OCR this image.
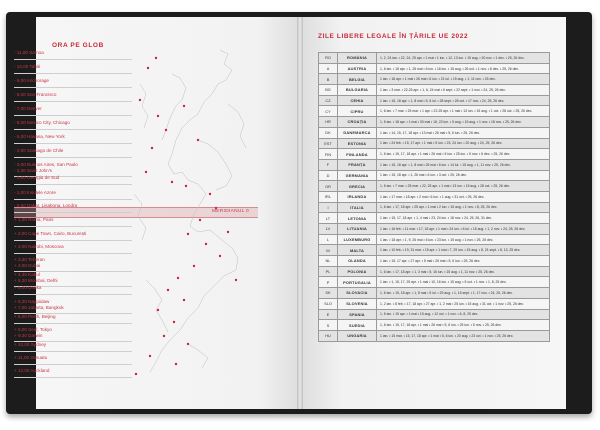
ORA PE GLOB
ZILE LIBERE LEGALE ÎN ȚĂRILE UE 2022
MERIDIANUL 0
- 11,00 Samoa
- 10,00 Tahiti
- 9,00 Anchorage
- 8,00 San Francisco
- 7,00 Denver
- 6,00 Mexico City, Chicago
- 5,00 Havana, New York
- 4,00 Santiago de Chile
- 3,00 Buenos Aires, San Paulo
- 3,30 Saint John's
- 2,00 Georgia de Sud
- 1,00 Insulele Azore
- 0,00 Dakar, Lisabona, Londra
+ 1,00 Roma, Paris
+ 2,00 Cape Town, Cairo, București
+ 3,00 Nairobi, Moscova
+ 3,30 Teheran
+ 4,00 Dubai
+ 4,30 Kabul
+ 5,30 Mombai, Delhi
+ 6,00 Dhaka
+ 6,30 Naypiidaw
+ 7,00 Jakarta, Bangkok
+ 8,00 Perth, Beijing
+ 9,00 Seul, Tokyo
+ 9,30 Darwin
+ 10,00 Sydney
+ 11,00 Vanuatu
+ 12,00 Auckland
RO	ROMÂNIA	1, 2, 24 ian. • 22, 24, 25 apr. • 1 mai • 1 iun. • 12, 13 iun. • 15 aug. • 30 nov. • 1 dec. • 25, 26 dec.
A	AUSTRIA	1, 6 ian. • 18 apr. • 1, 26 mai • 6 iun. • 16 iun. • 15 aug. • 26 oct. • 1 nov. • 8 dec. • 25, 26 dec.
B	BELGIA	1 ian. • 18 apr. • 1 mai • 26 mai • 6 iun. • 21 iul. • 15 aug. • 1, 11 nov. • 25 dec.
BG	BULGARIA	1 ian. • 3 mar. • 22-25 apr. • 1, 6, 24 mai • 6 sept. • 22 sept. • 1 nov. • 24, 25, 26 dec.
CZ	CEHIA	1 ian. • 15, 18 apr. • 1, 8 mai • 5, 6 iul. • 28 sept. • 28 oct. • 17 nov. • 24, 25, 26 dec.
CY	CIPRU	1, 6 ian. • 7 mar. • 25 mar. • 1 apr. • 22-25 apr. • 1 mai • 13 iun. • 15 aug. • 1 oct. • 28 oct. • 25, 26 dec.
HR	CROAȚIA	1, 6 ian. • 18 apr. • 1 mai • 30 mai • 16, 22 iun. • 5 aug. • 15 aug. • 1 nov. • 18 nov. • 25, 26 dec.
DK	DANEMARCA	1 ian. • 14, 15, 17, 18 apr. • 13 mai • 26 mai • 5, 6 iun. • 25, 26 dec.
EST	ESTONIA	1 ian. • 24 feb. • 15, 17 apr. • 1 mai • 5 iun. • 23, 24 iun. • 20 aug. • 24, 25, 26 dec.
FIN	FINLANDA	1, 6 ian. • 15, 17, 18 apr. • 1 mai • 26 mai • 5 iun. • 25 iun. • 5 nov. • 6 dec. • 25, 26 dec.
F	FRANȚA	1 ian. • 15, 18 apr. • 1, 8 mai • 26 mai • 6 iun. • 14 iul. • 15 aug. • 1, 11 nov. • 25, 26 dec.
D	GERMANIA	1 ian. • 15, 18 apr. • 1, 26 mai • 6 iun. • 3 oct. • 25, 26 dec.
GR	GRECIA	1, 6 ian. • 7 mar. • 25 mar. • 22, 25 apr. • 1 mai • 13 iun. • 15 aug. • 28 oct. • 25, 26 dec.
IRL	IRLANDA	1 ian. • 17 mar. • 18 apr. • 2 mai • 6 iun. • 1 aug. • 31 oct. • 25, 26 dec.
I	ITALIA	1, 6 ian. • 17, 18 apr. • 25 apr. • 1 mai • 2 iun. • 15 aug. • 1 nov. • 8, 25, 26 dec.
LT	LETONIA	1 ian. • 15, 17, 18 apr. • 1, 4 mai • 23, 24 iun. • 18 nov. • 24, 25, 26, 31 dec.
LV	LITUANIA	1 ian. • 16 feb. • 11 mar. • 17, 18 apr. • 1 mai • 24 iun. • 6 iul. • 15 aug. • 1, 2 nov. • 24, 25, 26 dec.
L	LUXEMBURG	1 ian. • 18 apr. • 1, 9, 26 mai • 6 iun. • 23 iun. • 15 aug. • 1 nov. • 25, 26 dec.
M	MALTA	1 ian. • 10 feb. • 19, 31 mar. • 15 apr. • 1 mai • 7, 29 iun. • 15 aug. • 8, 21 sept. • 8, 13, 25 dec.
NL	OLANDA	1 ian. • 15, 17 apr. • 27 apr. • 5 mai • 26 mai • 5, 6 iun. • 25, 26 dec.
PL	POLONIA	1, 6 ian. • 17, 18 apr. • 1, 3 mai • 5, 16 iun. • 15 aug. • 1, 11 nov. • 25, 26 dec.
P	PORTUGALIA	1 ian. • 1, 15, 17, 25 apr. • 1 mai • 10, 16 iun. • 15 aug. • 5 oct. • 1 nov. • 1, 8, 25 dec.
SK	SLOVACIA	1, 6 ian. • 15, 18 apr. • 1, 8 mai • 5 iul. • 29 aug. • 1, 15 sept. • 1, 17 nov. • 24, 25, 26 dec.
SLO	SLOVENIA	1, 2 ian. • 8 feb. • 17, 18 apr. • 27 apr. • 1, 2 mai • 25 iun. • 15 aug. • 31 oct. • 1 nov. • 25, 26 dec.
E	SPANIA	1, 6 ian. • 15 apr. • 1 mai • 15 aug. • 12 oct. • 1 nov. • 6, 8, 25 dec.
S	SUEDIA	1, 6 ian. • 15, 17, 18 apr. • 1 mai • 26 mai • 5, 6 iun. • 25 iun. • 5 nov. • 25, 26 dec.
HU	UNGARIA	1 ian. • 15 mar. • 15, 17, 18 apr. • 1 mai • 5, 6 iun. • 20 aug. • 23 oct. • 1 nov. • 25, 26 dec.
